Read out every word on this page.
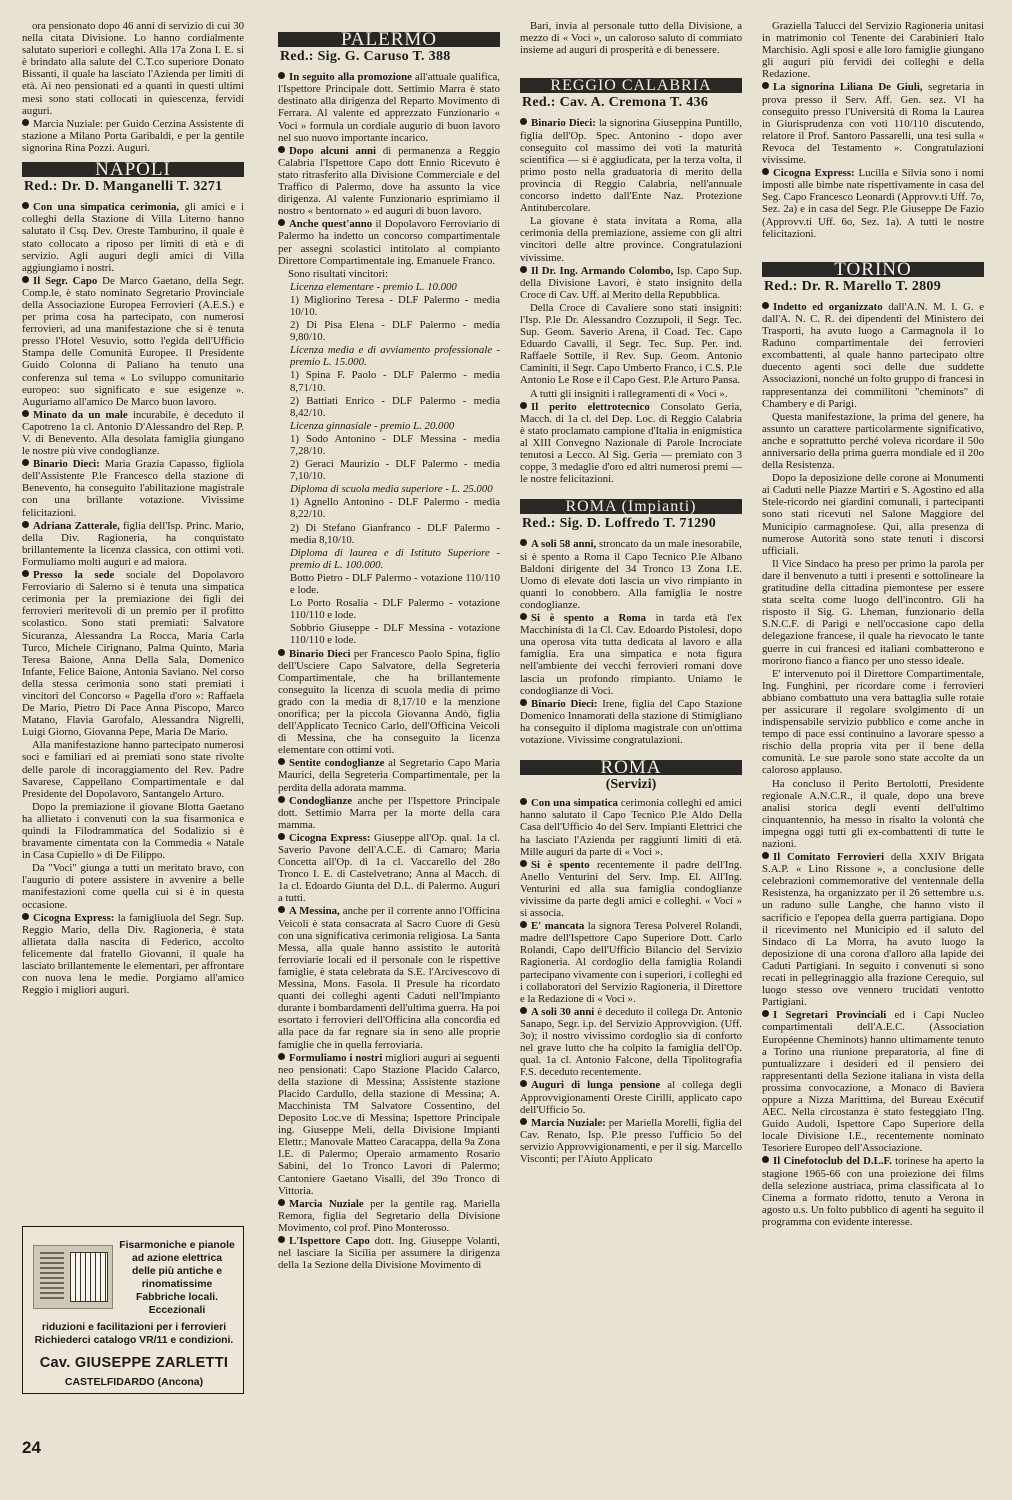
ora pensionato dopo 46 anni di servizio di cui 30 nella citata Divisione. Lo hanno cordialmente salutato superiori e colleghi. Alla 17a Zona I. E. si è brindato alla salute del C.T.co superiore Donato Bissanti, il quale ha lasciato l'Azienda per limiti di età. Ai neo pensionati ed a quanti in questi ultimi mesi sono stati collocati in quiescenza, fervidi auguri.

Marcia Nuziale: per Guido Cerzina Assistente di stazione a Milano Porta Garibaldi, e per la gentile signorina Rina Pozzi. Auguri.

NAPOLI
Red.: Dr. D. Manganelli T. 3271

Con una simpatica cerimonia, gli amici e i colleghi della Stazione di Villa Literno hanno salutato il Csq. Dev. Oreste Tamburino, il quale è stato collocato a riposo per limiti di età e di servizio. Agli auguri degli amici di Villa aggiungiamo i nostri.

Il Segr. Capo De Marco Gaetano, della Segr. Comp.le, è stato nominato Segretario Provinciale della Associazione Europea Ferrovieri (A.E.S.) e per prima cosa ha partecipato, con numerosi ferrovieri, ad una manifestazione che si è tenuta presso l'Hotel Vesuvio, sotto l'egida dell'Ufficio Stampa delle Comunità Europee. Il Presidente Guido Colonna di Paliano ha tenuto una conferenza sul tema « Lo sviluppo comunitario europeo: suo significato e sue esigenze ». Auguriamo all'amico De Marco buon lavoro.

Minato da un male incurabile, è deceduto il Capotreno 1a cl. Antonio D'Alessandro del Rep. P. V. di Benevento. Alla desolata famiglia giungano le nostre più vive condoglianze.

Binario Dieci: Maria Grazia Capasso, figliola dell'Assistente P.le Francesco della stazione di Benevento, ha conseguito l'abilitazione magistrale con una brillante votazione. Vivissime felicitazioni.

Adriana Zatterale, figlia dell'Isp. Princ. Mario, della Div. Ragioneria, ha conquistato brillantemente la licenza classica, con ottimi voti. Formuliamo molti auguri e ad maiora.

Presso la sede sociale del Dopolavoro Ferroviario di Salerno si è tenuta una simpatica cerimonia per la premiazione dei figli dei ferrovieri meritevoli di un premio per il profitto scolastico. Sono stati premiati: Salvatore Sicuranza, Alessandra La Rocca, Maria Carla Turco, Michele Cirignano, Palma Quinto, Maria Teresa Baione, Anna Della Sala, Domenico Infante, Felice Baione, Antonia Saviano. Nel corso della stessa cerimonia sono stati premiati i vincitori del Concorso « Pagella d'oro »: Raffaela De Mario, Pietro Di Pace Anna Piscopo, Marco Matano, Flavia Garofalo, Alessandra Nigrelli, Luigi Giorno, Giovanna Pepe, Maria De Mario.

Alla manifestazione hanno partecipato numerosi soci e familiari ed ai premiati sono state rivolte delle parole di incoraggiamento del Rev. Padre Savarese, Cappellano Compartimentale e dal Presidente del Dopolavoro, Santangelo Arturo.

Dopo la premiazione il giovane Blotta Gaetano ha allietato i convenuti con la sua fisarmonica e quindi la Filodrammatica del Sodalizio si è bravamente cimentata con la Commedia « Natale in Casa Cupiello » di De Filippo.

Da "Voci" giunga a tutti un meritato bravo, con l'augurio di potere assistere in avvenire a belle manifestazioni come quella cui si è in questa occasione.

Cicogna Express: la famigliuola del Segr. Sup. Reggio Mario, della Div. Ragioneria, è stata allietata dalla nascita di Federico, accolto felicemente dal fratello Giovanni, il quale ha lasciato brillantemente le elementari, per affrontare con nuova lena le medie. Porgiamo all'amico Reggio i migliori auguri.

Fisarmoniche e pianole ad azione elettrica delle più antiche e rinomatissime Fabbriche locali. Eccezionali
riduzioni e facilitazioni per i ferrovieri Richiederci catalogo VR/11 e condizioni.
Cav. GIUSEPPE ZARLETTI
CASTELFIDARDO (Ancona)
24
PALERMO
Red.: Sig. G. Caruso T. 388

In seguito alla promozione all'attuale qualifica, l'Ispettore Principale dott. Settimio Marra è stato destinato alla dirigenza del Reparto Movimento di Ferrara. Al valente ed apprezzato Funzionario « Voci » formula un cordiale augurio di buon lavoro nel suo nuovo importante incarico.

Dopo alcuni anni di permanenza a Reggio Calabria l'Ispettore Capo dott Ennio Ricevuto è stato ritrasferito alla Divisione Commerciale e del Traffico di Palermo, dove ha assunto la vice dirigenza. Al valente Funzionario esprimiamo il nostro « bentornato » ed auguri di buon lavoro.

Anche quest'anno il Dopolavoro Ferroviario di Palermo ha indetto un concorso compartimentale per assegni scolastici intitolato al compianto Direttore Compartimentale ing. Emanuele Franco.

Sono risultati vincitori:

Licenza elementare - premio L. 10.000

1) Migliorino Teresa - DLF Palermo - media 10/10.

2) Di Pisa Elena - DLF Palermo - media 9,80/10.

Licenza media e di avviamento professionale - premio L. 15.000.

1) Spina F. Paolo - DLF Palermo - media 8,71/10.

2) Battiati Enrico - DLF Palermo - media 8,42/10.

Licenza ginnasiale - premio L. 20.000

1) Sodo Antonino - DLF Messina - media 7,28/10.

2) Geraci Maurizio - DLF Palermo - media 7,10/10.

Diploma di scuola media superiore - L. 25.000

1) Agnello Antonino - DLF Palermo - media 8,22/10.

2) Di Stefano Gianfranco - DLF Palermo - media 8,10/10.

Diploma di laurea e di Istituto Superiore - premio di L. 100.000.

Botto Pietro - DLF Palermo - votazione 110/110 e lode.

Lo Porto Rosalia - DLF Palermo - votazione 110/110 e lode.

Sobbrio Giuseppe - DLF Messina - votazione 110/110 e lode.

Binario Dieci per Francesco Paolo Spina, figlio dell'Usciere Capo Salvatore, della Segreteria Compartimentale, che ha brillantemente conseguito la licenza di scuola media di primo grado con la media di 8,17/10 e la menzione onorifica; per la piccola Giovanna Andò, figlia dell'Applicato Tecnico Carlo, dell'Officina Veicoli di Messina, che ha conseguito la licenza elementare con ottimi voti.

Sentite condoglianze al Segretario Capo Maria Maurici, della Segreteria Compartimentale, per la perdita della adorata mamma.

Condoglianze anche per l'Ispettore Principale dott. Settimio Marra per la morte della cara mamma.

Cicogna Express: Giuseppe all'Op. qual. 1a cl. Saverio Pavone dell'A.C.E. di Camaro; Maria Concetta all'Op. di 1a cl. Vaccarello del 28o Tronco I. E. di Castelvetrano; Anna al Macch. di 1a cl. Edoardo Giunta del D.L. di Palermo. Auguri a tutti.

A Messina, anche per il corrente anno l'Officina Veicoli è stata consacrata al Sacro Cuore di Gesù con una significativa cerimonia religiosa. La Santa Messa, alla quale hanno assistito le autorità ferroviarie locali ed il personale con le rispettive famiglie, è stata celebrata da S.E. l'Arcivescovo di Messina, Mons. Fasola. Il Presule ha ricordato quanti dei colleghi agenti Caduti nell'Impianto durante i bombardamenti dell'ultima guerra. Ha poi esortato i ferrovieri dell'Officina alla concordia ed alla pace da far regnare sia in seno alle proprie famiglie che in quella ferroviaria.

Formuliamo i nostri migliori auguri ai seguenti neo pensionati: Capo Stazione Placido Calarco, della stazione di Messina; Assistente stazione Placido Cardullo, della stazione di Messina; A. Macchinista TM Salvatore Cossentino, del Deposito Loc.ve di Messina; Ispettore Principale ing. Giuseppe Meli, della Divisione Impianti Elettr.; Manovale Matteo Caracappa, della 9a Zona I.E. di Palermo; Operaio armamento Rosario Sabini, del 1o Tronco Lavori di Palermo; Cantoniere Gaetano Visalli, del 39o Tronco di Vittoria.

Marcia Nuziale per la gentile rag. Mariella Remora, figlia del Segretario della Divisione Movimento, col prof. Pino Monterosso.

L'Ispettore Capo dott. Ing. Giuseppe Volanti, nel lasciare la Sicilia per assumere la dirigenza della 1a Sezione della Divisione Movimento di

Bari, invia al personale tutto della Divisione, a mezzo di « Voci », un caloroso saluto di commiato insieme ad auguri di prosperità e di benessere.

REGGIO CALABRIA
Red.: Cav. A. Cremona T. 436

Binario Dieci: la signorina Giuseppina Puntillo, figlia dell'Op. Spec. Antonino - dopo aver conseguito col massimo dei voti la maturità scientifica — si è aggiudicata, per la terza volta, il primo posto nella graduatoria di merito della provincia di Reggio Calabria, nell'annuale concorso indetto dall'Ente Naz. Protezione Antitubercolare.

La giovane è stata invitata a Roma, alla cerimonia della premiazione, assieme con gli altri vincitori delle altre province. Congratulazioni vivissime.

Il Dr. Ing. Armando Colombo, Isp. Capo Sup. della Divisione Lavori, è stato insignito della Croce di Cav. Uff. al Merito della Repubblica.

Della Croce di Cavaliere sono stati insigniti: l'Isp. P.le Dr. Alessandro Cozzupoli, il Segr. Tec. Sup. Geom. Saverio Arena, il Coad. Tec. Capo Eduardo Cavalli, il Segr. Tec. Sup. Per. ind. Raffaele Sottile, il Rev. Sup. Geom. Antonio Caminiti, il Segr. Capo Umberto Franco, i C.S. P.le Antonio Le Rose e il Capo Gest. P.le Arturo Pansa.

A tutti gli insigniti i rallegramenti di « Voci ».

Il perito elettrotecnico Consolato Geria, Macch. di 1a cl. del Dep. Loc. di Reggio Calabria è stato proclamato campione d'Italia in enigmistica al XIII Convegno Nazionale di Parole Incrociate tenutosi a Lecco. Al Sig. Geria — premiato con 3 coppe, 3 medaglie d'oro ed altri numerosi premi — le nostre felicitazioni.

ROMA (Impianti)
Red.: Sig. D. Loffredo T. 71290

A soli 58 anni, stroncato da un male inesorabile, si è spento a Roma il Capo Tecnico P.le Albano Baldoni dirigente del 34 Tronco 13 Zona I.E. Uomo di elevate doti lascia un vivo rimpianto in quanti lo conobbero. Alla famiglia le nostre condoglianze.

Si è spento a Roma in tarda età l'ex Macchinista di 1a Cl. Cav. Edoardo Pistolesi, dopo una operosa vita tutta dedicata al lavoro e alla famiglia. Era una simpatica e nota figura nell'ambiente dei vecchi ferrovieri romani dove lascia un profondo rimpianto. Uniamo le condoglianze di Voci.

Binario Dieci: Irene, figlia del Capo Stazione Domenico Innamorati della stazione di Stimigliano ha conseguito il diploma magistrale con un'ottima votazione. Vivissime congratulazioni.

ROMA
(Servizi)

Con una simpatica cerimonia colleghi ed amici hanno salutato il Capo Tecnico P.le Aldo Della Casa dell'Ufficio 4o del Serv. Impianti Elettrici che ha lasciato l'Azienda per raggiunti limiti di età. Mille auguri da parte di « Voci ».

Si è spento recentemente il padre dell'Ing. Anello Venturini del Serv. Imp. El. All'Ing. Venturini ed alla sua famiglia condoglianze vivissime da parte degli amici e colleghi. « Voci » si associa.

E' mancata la signora Teresa Polverel Rolandi, madre dell'Ispettore Capo Superiore Dott. Carlo Rolandi, Capo dell'Ufficio Bilancio del Servizio Ragioneria. Al cordoglio della famiglia Rolandi partecipano vivamente con i superiori, i colleghi ed i collaboratori del Servizio Ragioneria, il Direttore e la Redazione di « Voci ».

A soli 30 anni è deceduto il collega Dr. Antonio Sanapo, Segr. i.p. del Servizio Approvvigion. (Uff. 3o); il nostro vivissimo cordoglio sia di conforto nel grave lutto che ha colpito la famiglia dell'Op. qual. 1a cl. Antonio Falcone, della Tipolitografia F.S. deceduto recentemente.

Auguri di lunga pensione al collega degli Approvvigionamenti Oreste Cirilli, applicato capo dell'Ufficio 5o.

Marcia Nuziale: per Mariella Morelli, figlia del Cav. Renato, Isp. P.le presso l'ufficio 5o del servizio Approvvigionamenti, e per il sig. Marcello Visconti; per l'Aiuto Applicato

Graziella Talucci del Servizio Ragioneria unitasi in matrimonio col Tenente dei Carabinieri Italo Marchisio. Agli sposi e alle loro famiglie giungano gli auguri più fervidi dei colleghi e della Redazione.

La signorina Liliana De Giuli, segretaria in prova presso il Serv. Aff. Gen. sez. VI ha conseguito presso l'Università di Roma la Laurea in Giurisprudenza con voti 110/110 discutendo, relatore il Prof. Santoro Passarelli, una tesi sulla « Revoca del Testamento ». Congratulazioni vivissime.

Cicogna Express: Lucilla e Silvia sono i nomi imposti alle bimbe nate rispettivamente in casa del Seg. Capo Francesco Leonardi (Approvv.ti Uff. 7o, Sez. 2a) e in casa del Segr. P.le Giuseppe De Fazio (Approvv.ti Uff. 6o, Sez. 1a). A tutti le nostre felicitazioni.

TORINO
Red.: Dr. R. Marello T. 2809

Indetto ed organizzato dall'A.N. M. I. G. e dall'A. N. C. R. dei dipendenti del Ministero dei Trasporti, ha avuto luogo a Carmagnola il 1o Raduno compartimentale dei ferrovieri excombattenti, al quale hanno partecipato oltre duecento agenti soci delle due suddette Associazioni, nonché un folto gruppo di francesi in rappresentanza dei commilitoni "cheminots" di Chambery e di Parigi.

Questa manifestazione, la prima del genere, ha assunto un carattere particolarmente significativo, anche e soprattutto perché voleva ricordare il 50o anniversario della prima guerra mondiale ed il 20o della Resistenza.

Dopo la deposizione delle corone ai Monumenti ai Caduti nelle Piazze Martiri e S. Agostino ed alla Stele-ricordo nei giardini comunali, i partecipanti sono stati ricevuti nel Salone Maggiore del Municipio carmagnolese. Qui, alla presenza di numerose Autorità sono state tenuti i discorsi ufficiali.

Il Vice Sindaco ha preso per primo la parola per dare il benvenuto a tutti i presenti e sottolineare la gratitudine della cittadina piemontese per essere stata scelta come luogo dell'incontro. Gli ha risposto il Sig. G. Lheman, funzionario della S.N.C.F. di Parigi e nell'occasione capo della delegazione francese, il quale ha rievocato le tante guerre in cui francesi ed italiani combatterono e morirono fianco a fianco per uno stesso ideale.

E' intervenuto poi il Direttore Compartimentale, Ing. Funghini, per ricordare come i ferrovieri abbiano combattuto una vera battaglia sulle rotaie per assicurare il regolare svolgimento di un indispensabile servizio pubblico e come anche in tempo di pace essi continuino a lavorare spesso a rischio della propria vita per il bene della comunità. Le sue parole sono state accolte da un caloroso applauso.

Ha concluso il Perito Bertolotti, Presidente regionale A.N.C.R., il quale, dopo una breve analisi storica degli eventi dell'ultimo cinquantennio, ha messo in risalto la volontà che impegna oggi tutti gli ex-combattenti di tutte le nazioni.

Il Comitato Ferrovieri della XXIV Brigata S.A.P. « Lino Rissone », a conclusione delle celebrazioni commemorative del ventennale della Resistenza, ha organizzato per il 26 settembre u.s. un raduno sulle Langhe, che hanno visto il sacrificio e l'epopea della guerra partigiana. Dopo il ricevimento nel Municipio ed il saluto del Sindaco di La Morra, ha avuto luogo la deposizione di una corona d'alloro alla lapide dei Caduti Partigiani. In seguito i convenuti si sono recati in pellegrinaggio alla frazione Cerequio, sul luogo stesso ove vennero trucidati ventotto Partigiani.

I Segretari Provinciali ed i Capi Nucleo compartimentali dell'A.E.C. (Association Européenne Cheminots) hanno ultimamente tenuto a Torino una riunione preparatoria, al fine di puntualizzare i desideri ed il pensiero dei rappresentanti della Sezione italiana in vista della prossima convocazione, a Monaco di Baviera oppure a Nizza Marittima, del Bureau Exécutif AEC. Nella circostanza è stato festeggiato l'Ing. Guido Audoli, Ispettore Capo Superiore della locale Divisione I.E., recentemente nominato Tesoriere Europeo dell'Associazione.

Il Cinefotoclub del D.L.F. torinese ha aperto la stagione 1965-66 con una proiezione dei films della selezione austriaca, prima classificata al 1o Cinema a formato ridotto, tenuto a Verona in agosto u.s. Un folto pubblico di agenti ha seguito il programma con evidente interesse.
